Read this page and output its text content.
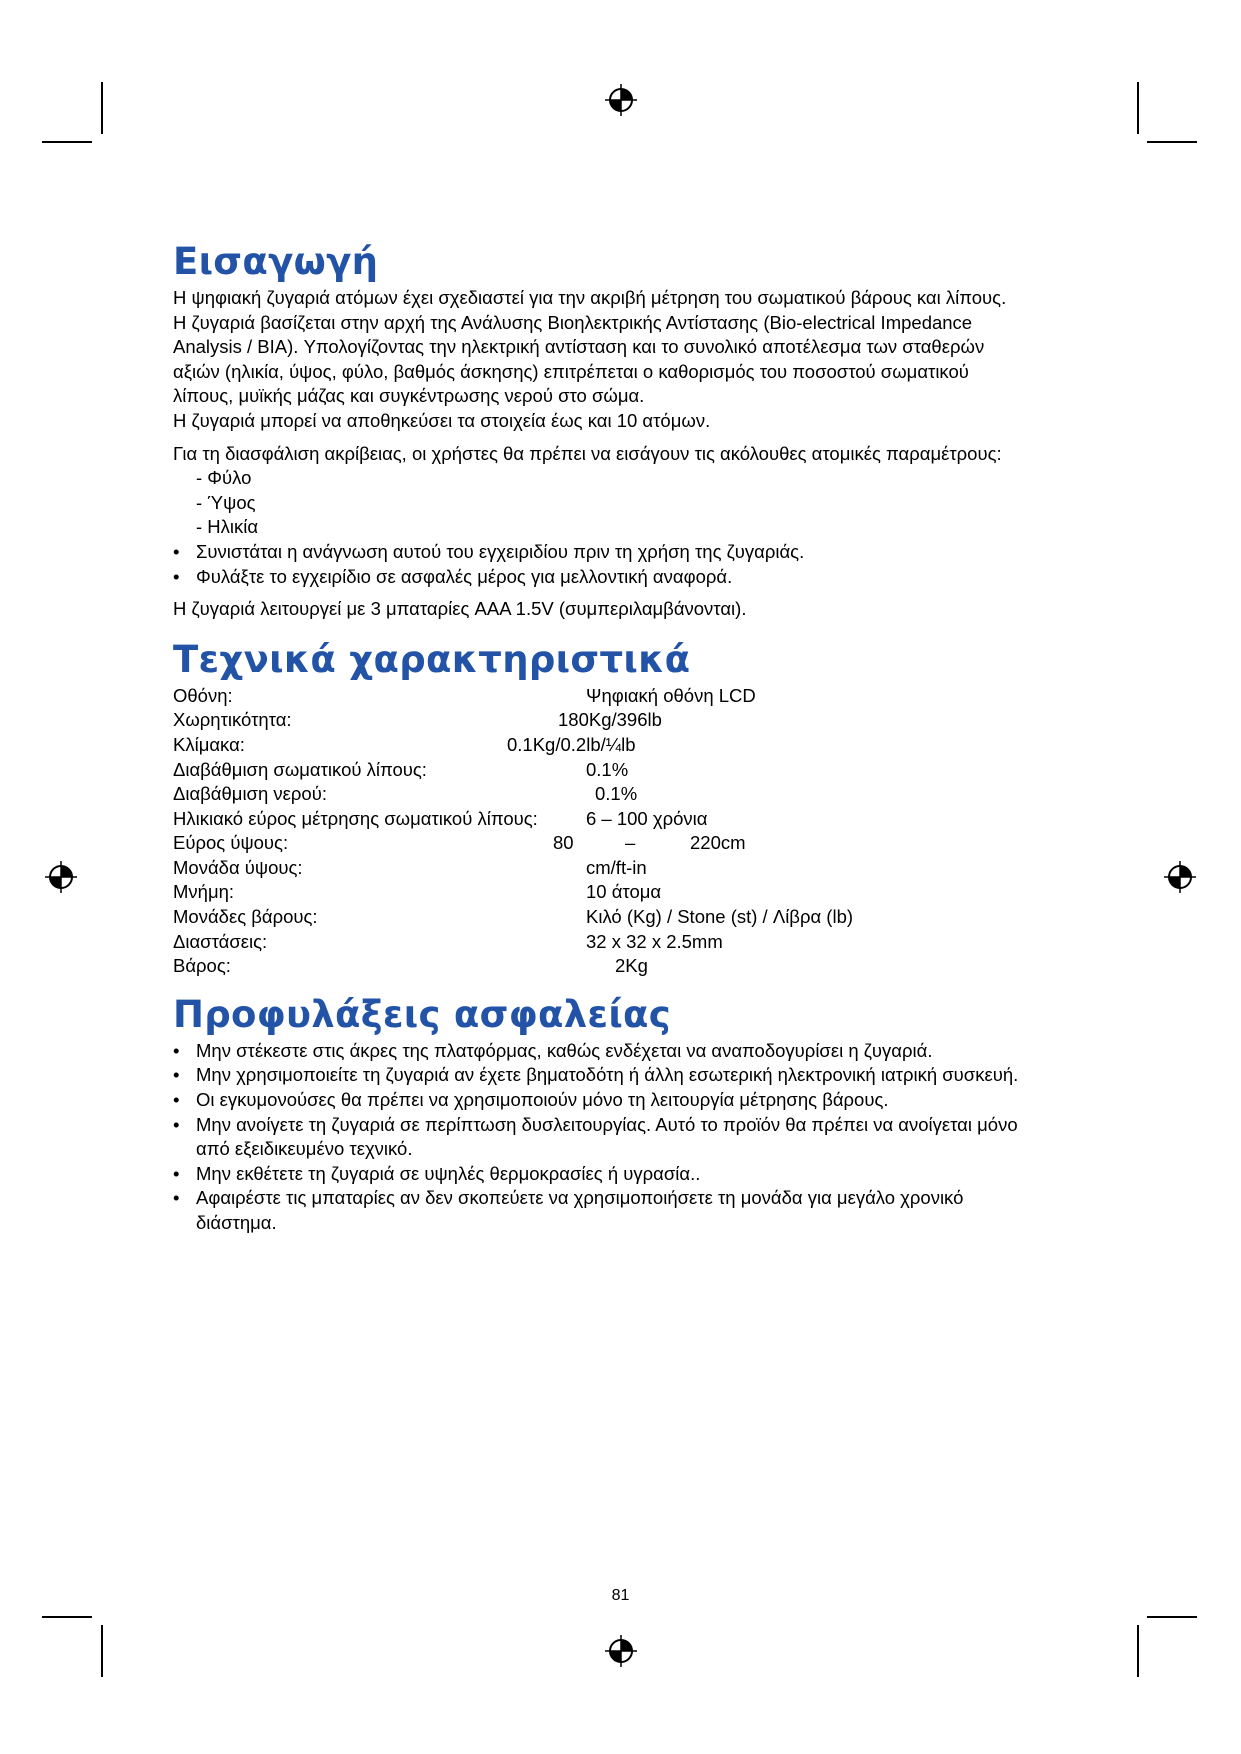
Εισαγωγή

Η ψηφιακή ζυγαριά ατόμων έχει σχεδιαστεί για την ακριβή μέτρηση του σωματικού βάρους και λίπους.

Η ζυγαριά βασίζεται στην αρχή της Ανάλυσης Βιοηλεκτρικής Αντίστασης (Bio-electrical Impedance

Analysis / BIA). Υπολογίζοντας την ηλεκτρική αντίσταση και το συνολικό αποτέλεσμα των σταθερών

αξιών (ηλικία, ύψος, φύλο, βαθμός άσκησης) επιτρέπεται ο καθορισμός του ποσοστού σωματικού

λίπους, μυϊκής μάζας και συγκέντρωσης νερού στο σώμα.

Η ζυγαριά μπορεί να αποθηκεύσει τα στοιχεία έως και 10 ατόμων.

Για τη διασφάλιση ακρίβειας, οι χρήστες θα πρέπει να εισάγουν τις ακόλουθες ατομικές παραμέτρους:

- Φύλο
- Ύψος
- Ηλικία
• Συνιστάται η ανάγνωση αυτού του εγχειριδίου πριν τη χρήση της ζυγαριάς.
• Φυλάξτε το εγχειρίδιο σε ασφαλές μέρος για μελλοντική αναφορά.

Η ζυγαριά λειτουργεί με 3 μπαταρίες AAA 1.5V (συμπεριλαμβάνονται).

Τεχνικά χαρακτηριστικά
Οθόνη:	Ψηφιακή οθόνη LCD
Χωρητικότητα:	180Kg/396lb
Κλίμακα:	0.1Kg/0.2lb/¼lb
Διαβάθμιση σωματικού λίπους:	0.1%
Διαβάθμιση νερού:	0.1%
Ηλικιακό εύρος μέτρησης σωματικού λίπους:	6 – 100 χρόνια
Εύρος ύψους:	80	–	220cm
Μονάδα ύψους:	cm/ft-in
Μνήμη:	10 άτομα
Μονάδες βάρους:	Κιλό (Kg) / Stone (st) / Λίβρα (lb)
Διαστάσεις:	32 x 32 x 2.5mm
Βάρος:	2Kg
Προφυλάξεις ασφαλείας
• Μην στέκεστε στις άκρες της πλατφόρμας, καθώς ενδέχεται να αναποδογυρίσει η ζυγαριά.
• Μην χρησιμοποιείτε τη ζυγαριά αν έχετε βηματοδότη ή άλλη εσωτερική ηλεκτρονική ιατρική συσκευή.
• Οι εγκυμονούσες θα πρέπει να χρησιμοποιούν μόνο τη λειτουργία μέτρησης βάρους.
• Μην ανοίγετε τη ζυγαριά σε περίπτωση δυσλειτουργίας. Αυτό το προϊόν θα πρέπει να ανοίγεται μόνο
από εξειδικευμένο τεχνικό.
• Μην εκθέτετε τη ζυγαριά σε υψηλές θερμοκρασίες ή υγρασία..
• Αφαιρέστε τις μπαταρίες αν δεν σκοπεύετε να χρησιμοποιήσετε τη μονάδα για μεγάλο χρονικό
διάστημα.
81
